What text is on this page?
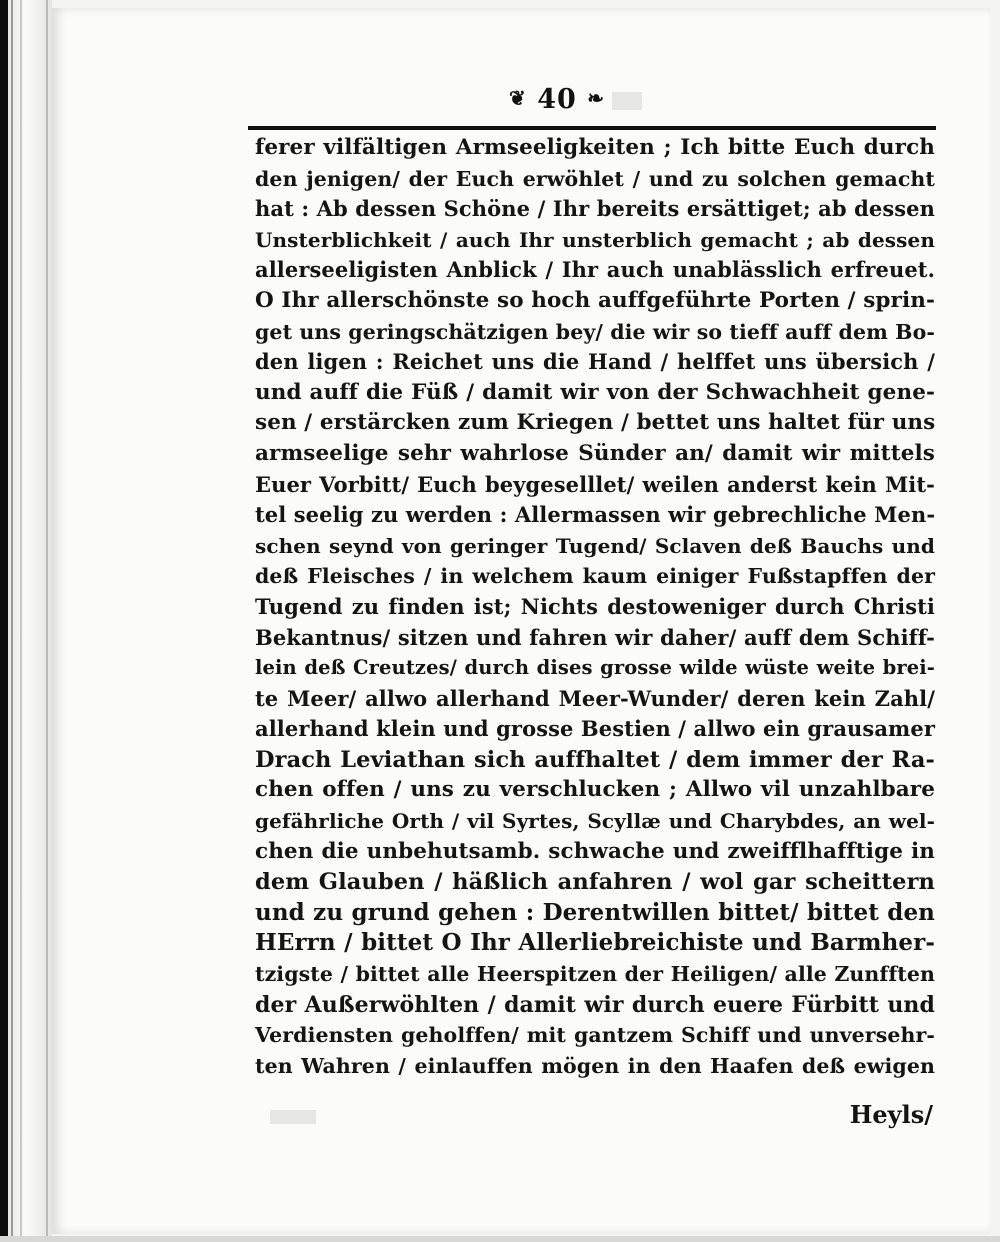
❦ 40 ❧
ferer vilfältigen Armseeligkeiten ; Ich bitte Euch durch
den jenigen/ der Euch erwöhlet / und zu solchen gemacht
hat : Ab dessen Schöne / Ihr bereits ersättiget; ab dessen
Unsterblichkeit / auch Ihr unsterblich gemacht ; ab dessen
allerseeligisten Anblick / Ihr auch unablässlich erfreuet.
O Ihr allerschönste so hoch auffgeführte Porten / sprin-
get uns geringschätzigen bey/ die wir so tieff auff dem Bo-
den ligen : Reichet uns die Hand / helffet uns übersich /
und auff die Füß / damit wir von der Schwachheit gene-
sen / erstärcken zum Kriegen / bettet uns haltet für uns
armseelige sehr wahrlose Sünder an/ damit wir mittels
Euer Vorbitt/ Euch beygeselllet/ weilen anderst kein Mit-
tel seelig zu werden : Allermassen wir gebrechliche Men-
schen seynd von geringer Tugend/ Sclaven deß Bauchs und
deß Fleisches / in welchem kaum einiger Fußstapffen der
Tugend zu finden ist; Nichts destoweniger durch Christi
Bekantnus/ sitzen und fahren wir daher/ auff dem Schiff-
lein deß Creutzes/ durch dises grosse wilde wüste weite brei-
te Meer/ allwo allerhand Meer-Wunder/ deren kein Zahl/
allerhand klein und grosse Bestien / allwo ein grausamer
Drach Leviathan sich auffhaltet / dem immer der Ra-
chen offen / uns zu verschlucken ; Allwo vil unzahlbare
gefährliche Orth / vil Syrtes, Scyllæ und Charybdes, an wel-
chen die unbehutsamb. schwache und zweifflhafftige in
dem Glauben / häßlich anfahren / wol gar scheittern
und zu grund gehen : Derentwillen bittet/ bittet den
HErrn / bittet O Ihr Allerliebreichiste und Barmher-
tzigste / bittet alle Heerspitzen der Heiligen/ alle Zunfften
der Außerwöhlten / damit wir durch euere Fürbitt und
Verdiensten geholffen/ mit gantzem Schiff und unversehr-
ten Wahren / einlauffen mögen in den Haafen deß ewigen
Heyls/
